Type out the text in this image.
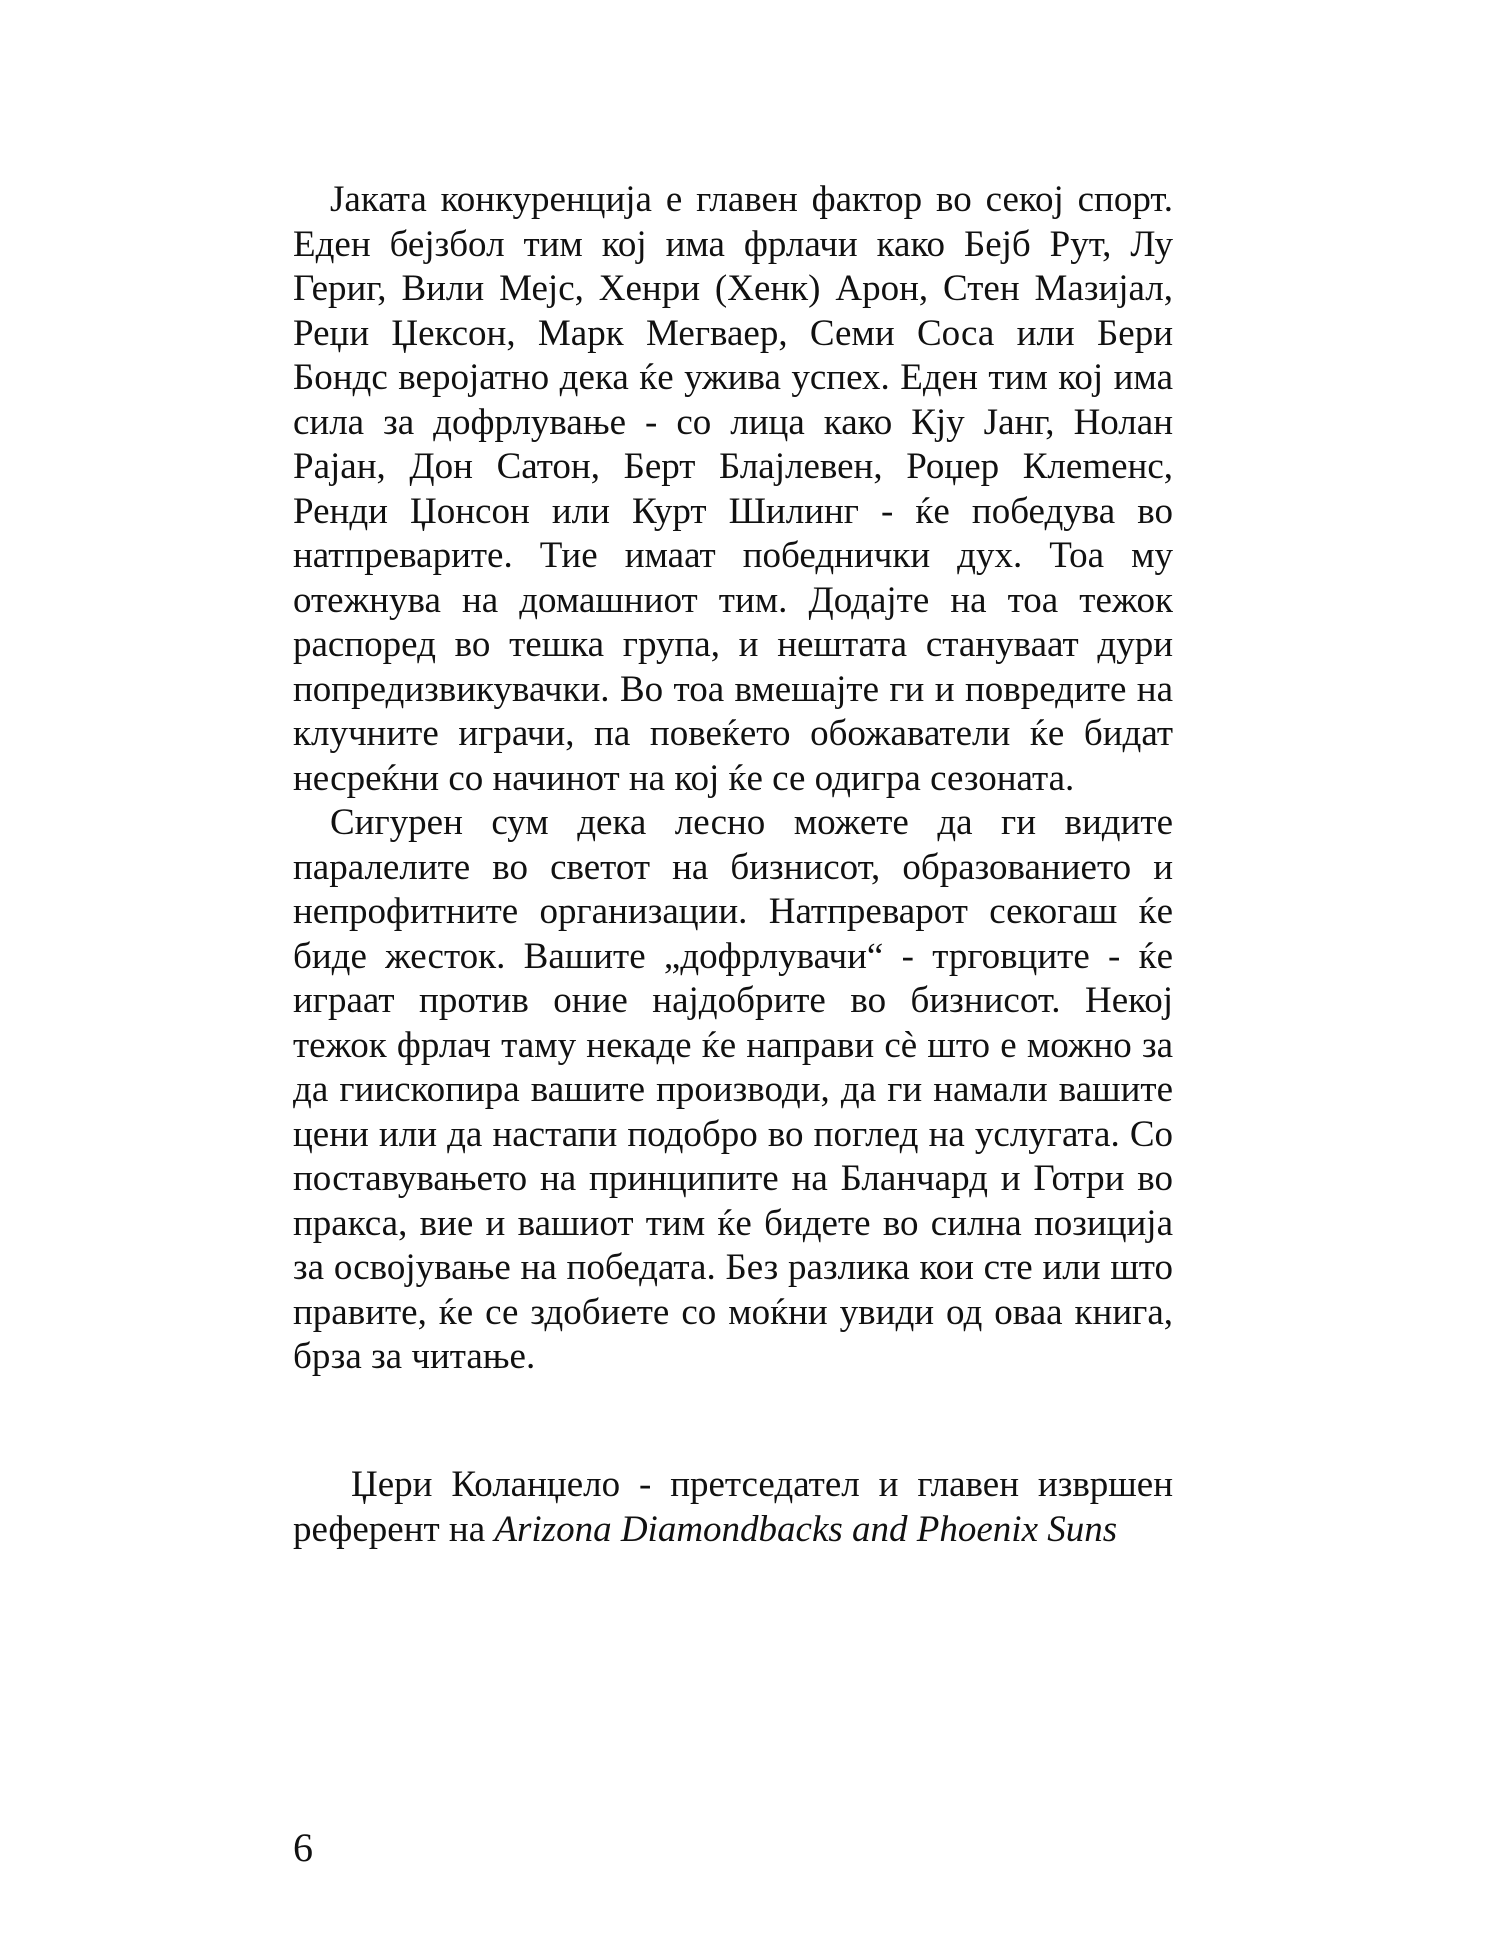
Јаката конкуренција е главен фактор во секој спорт. Еден бејзбол тим кој има фрлачи како Бејб Рут, Лу Гериг, Вили Мејс, Хенри (Хенк) Арон, Стен Мазијал, Реџи Џексон, Марк Мегваер, Семи Соса или Бери Бондс веројатно дека ќе ужива успех. Еден тим кој има сила за дофрлување - со лица како Кју Јанг, Нолан Рајан, Дон Сатон, Берт Блајлевен, Роџер Клеmенс, Ренди Џонсон или Курт Шилинг - ќе победува во натпреварите. Тие имаат победнички дух. Тоа му отежнува на домашниот тим. Додајте на тоа тежок распоред во тешка група, и нештата стануваат дури попредизвикувачки. Во тоа вмешајте ги и повредите на клучните играчи, па повеќето обожаватели ќе бидат несреќни со начинот на кој ќе се одигра сезоната.

Сигурен сум дека лесно можете да ги видите паралелите во светот на бизнисот, образованието и непрофитните организации. Натпреварот секогаш ќе биде жесток. Вашите „дофрлувачи“ - трговците - ќе играат против оние најдобрите во бизнисот. Некој тежок фрлач таму некаде ќе направи сè што е можно за да гиископира вашите производи, да ги намали вашите цени или да настапи подобро во поглед на услугата. Со поставувањето на принципите на Бланчард и Готри во пракса, вие и вашиот тим ќе бидете во силна позиција за освојување на победата. Без разлика кои сте или што правите, ќе се здобиете со моќни увиди од оваа книга, брза за читање.

Џери Коланџело - претседател и главен извршен
референт на Arizona Diamondbacks and Phoenix Suns

6
